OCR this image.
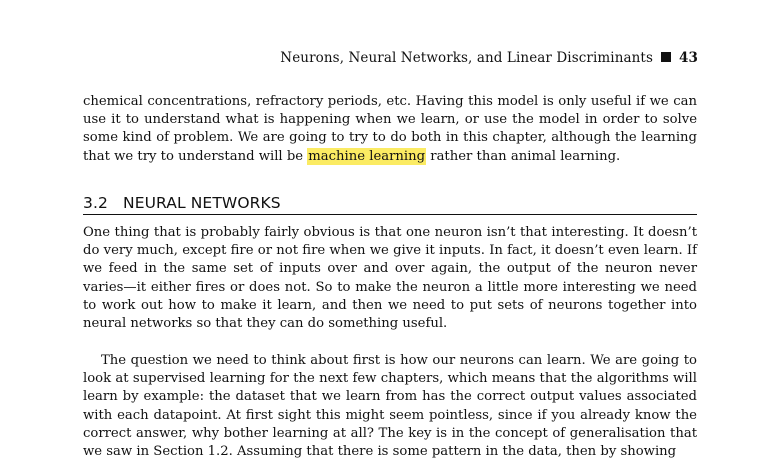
Neurons, Neural Networks, and Linear Discriminants 43
chemical concentrations, refractory periods, etc. Having this model is only useful if we can use it to understand what is happening when we learn, or use the model in order to solve some kind of problem. We are going to try to do both in this chapter, although the learning that we try to understand will be machine learning rather than animal learning.
3.2 NEURAL NETWORKS
One thing that is probably fairly obvious is that one neuron isn’t that interesting. It doesn’t do very much, except fire or not fire when we give it inputs. In fact, it doesn’t even learn. If we feed in the same set of inputs over and over again, the output of the neuron never varies—it either fires or does not. So to make the neuron a little more interesting we need to work out how to make it learn, and then we need to put sets of neurons together into neural networks so that they can do something useful.
The question we need to think about first is how our neurons can learn. We are going to look at supervised learning for the next few chapters, which means that the algorithms will learn by example: the dataset that we learn from has the correct output values associated with each datapoint. At first sight this might seem pointless, since if you already know the correct answer, why bother learning at all? The key is in the concept of generalisation that we saw in Section 1.2. Assuming that there is some pattern in the data, then by showing
